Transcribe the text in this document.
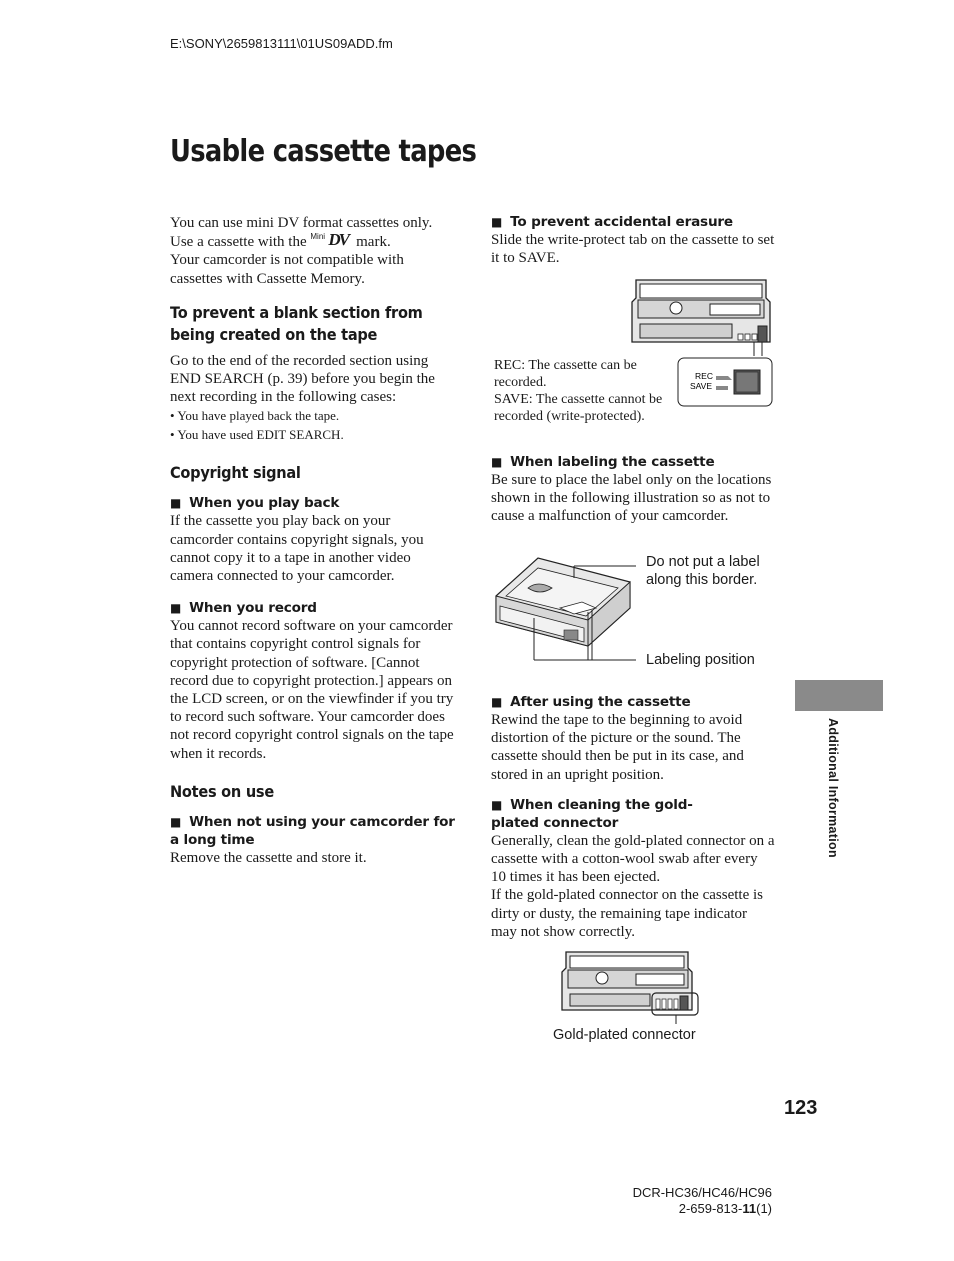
E:\SONY\2659813111\01US09ADD.fm
Usable cassette tapes

You can use mini DV format cassettes only.

Use a cassette with the Mini DV mark.

Your camcorder is not compatible with cassettes with Cassette Memory.

To prevent a blank section from being created on the tape

Go to the end of the recorded section using END SEARCH (p. 39) before you begin the next recording in the following cases:

• You have played back the tape.

• You have used EDIT SEARCH.

Copyright signal
■ When you play back

If the cassette you play back on your camcorder contains copyright signals, you cannot copy it to a tape in another video camera connected to your camcorder.

■ When you record

You cannot record software on your camcorder that contains copyright control signals for copyright protection of software. [Cannot record due to copyright protection.] appears on the LCD screen, or on the viewfinder if you try to record such software. Your camcorder does not record copyright control signals on the tape when it records.

Notes on use
■ When not using your camcorder for a long time

Remove the cassette and store it.

■ To prevent accidental erasure

Slide the write-protect tab on the cassette to set it to SAVE.

REC
SAVE

REC: The cassette can be recorded.

SAVE: The cassette cannot be recorded (write-protected).

■ When labeling the cassette

Be sure to place the label only on the locations shown in the following illustration so as not to cause a malfunction of your camcorder.

Do not put a label
along this border.
Labeling position
■ After using the cassette

Rewind the tape to the beginning to avoid distortion of the picture or the sound. The cassette should then be put in its case, and stored in an upright position.

■ When cleaning the gold-plated connector

Generally, clean the gold-plated connector on a cassette with a cotton-wool swab after every 10 times it has been ejected.

If the gold-plated connector on the cassette is dirty or dusty, the remaining tape indicator may not show correctly.

Gold-plated connector
Additional Information
123
DCR-HC36/HC46/HC96
2-659-813-11(1)
